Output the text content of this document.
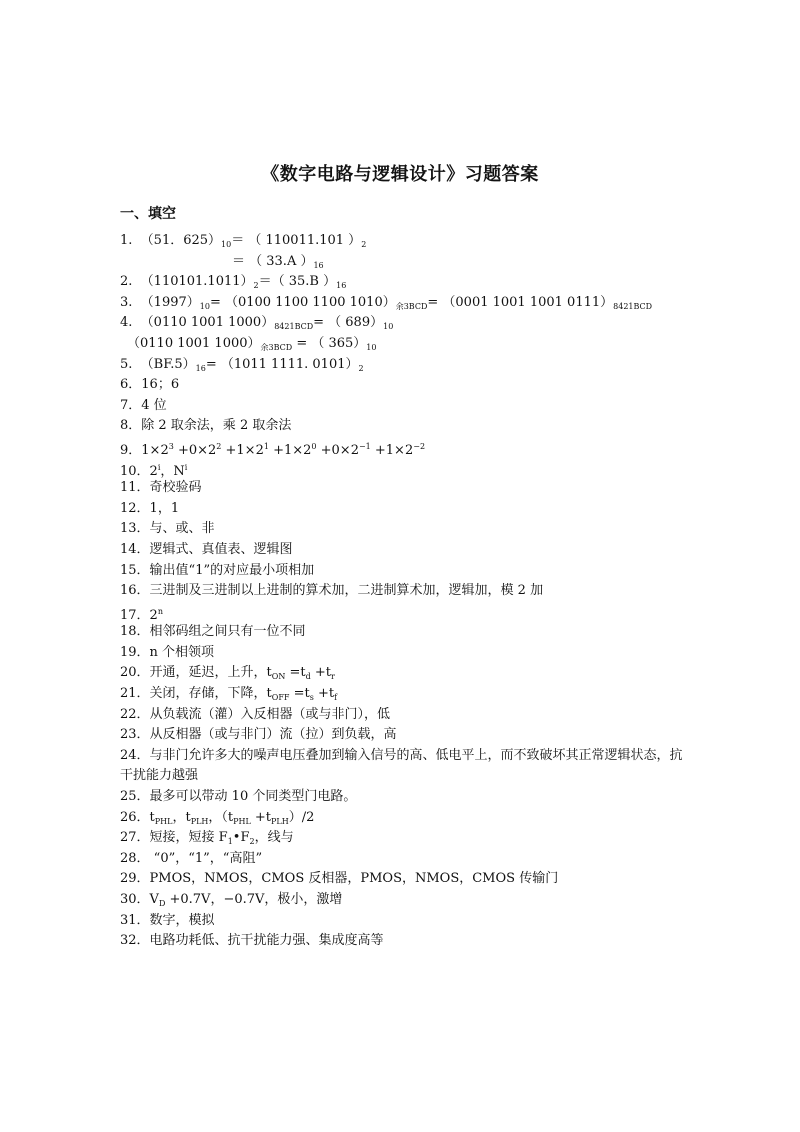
《数字电路与逻辑设计》习题答案
一、填空
1. （51．$625)_{10}=$ （ 110011.101 ）$_2$
＝ （ 33.A ）$_{16}$
2. $(110101.1011)_2=$（ 35.B ）$_{16}$
3. $(1997)_{10}= (0100$ 1100 1100 $1010)_{余3BCD}= (0001$ 1001 1001 $0111)_{8421BCD}$
4. （0110 1001 $1000)_{8421BCD}=$ （ $689)_{10}$
（0110 1001 $1000)_{余3BCD}$ = （ $365)_{10}$
5. $(BF.5)_{16}= (1011$ 1111. $0101)_2$
6．16；6
7．4 位
8．除 2 取余法，乘 2 取余法
9．$1\times 2^3 +0\times 2^2 +1\times 2^1 +1\times 2^0 +0\times 2^{-1} +1\times 2^{-2}$
10．2$^i$，$N^i$
11．奇校验码
12．1，1
13．与、或、非
14．逻辑式、真值表、逻辑图
15．输出值“1”的对应最小项相加
16．三进制及三进制以上进制的算术加，二进制算术加，逻辑加，模 2 加
17．2$^n$
18．相邻码组之间只有一位不同
19．n 个相领项
20．开通，延迟，上升，$t_{ON} =t_d +t_r$
21．关闭，存储，下降，$t_{OFF} =t_s +t_f$
22．从负载流（灌）入反相器（或与非门），低
23．从反相器（或与非门）流（拉）到负载，高
24．与非门允许多大的噪声电压叠加到输入信号的高、低电平上，而不致破坏其正常逻辑状态，抗干扰能力越强
25．最多可以带动 10 个同类型门电路。
26．$t_{PHL}$，$t_{PLH}$，$(t_{PHL} +t_{PLH})/2$
27．短接，短接 $F_1•F_2$，线与
28． “0”，“1”，“高阻”
29．PMOS，NMOS，CMOS 反相器，PMOS，NMOS，CMOS 传输门
30．$V_D +0.7V$，−0.7V，极小，激增
31．数字，模拟
32．电路功耗低、抗干扰能力强、集成度高等
